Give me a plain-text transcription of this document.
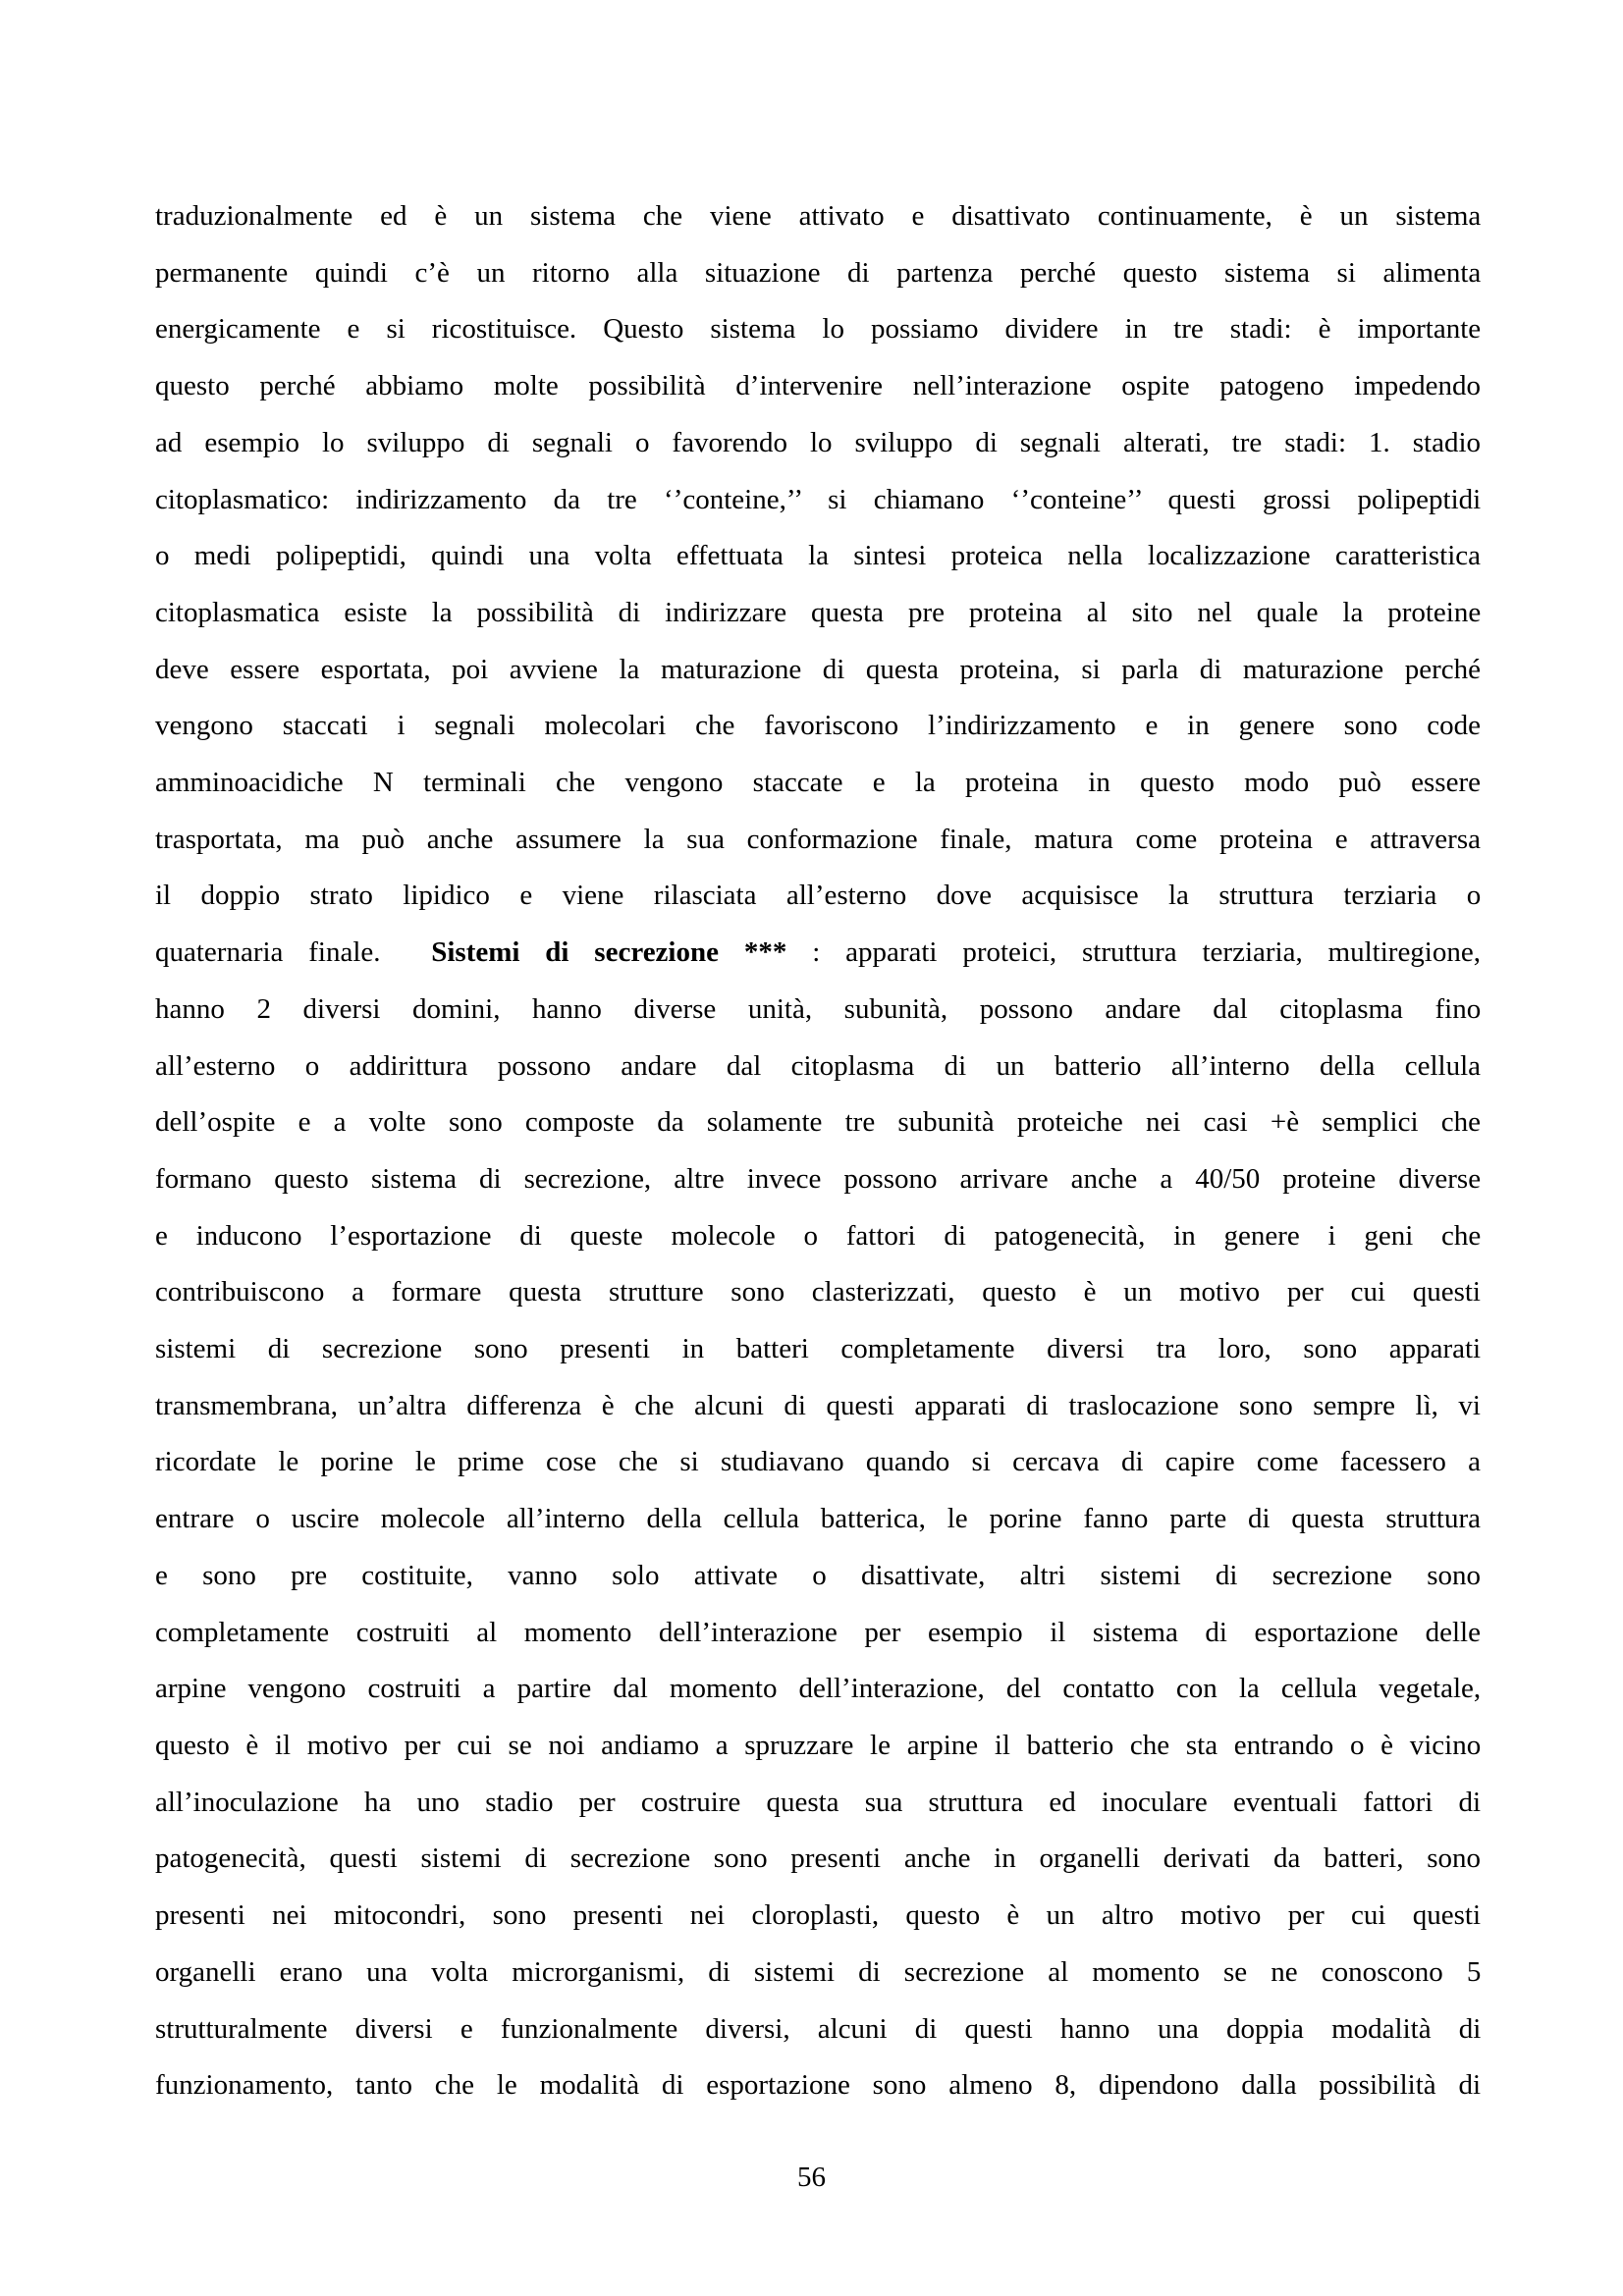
traduzionalmente ed è un sistema che viene attivato e disattivato continuamente, è un sistema
permanente quindi c’è un ritorno alla situazione di partenza perché questo sistema si alimenta
energicamente e si ricostituisce. Questo sistema lo possiamo dividere in tre stadi: è importante
questo perché abbiamo molte possibilità d’intervenire nell’interazione ospite patogeno impedendo
ad esempio lo sviluppo di segnali o favorendo lo sviluppo di segnali alterati, tre stadi: 1. stadio
citoplasmatico: indirizzamento da tre ‘’conteine,’’ si chiamano ‘’conteine’’ questi grossi polipeptidi
o medi polipeptidi, quindi una volta effettuata la sintesi proteica nella localizzazione caratteristica
citoplasmatica esiste la possibilità di indirizzare questa pre proteina al sito nel quale la proteine
deve essere esportata, poi avviene la maturazione di questa proteina, si parla di maturazione perché
vengono staccati i segnali molecolari che favoriscono l’indirizzamento e in genere sono code
amminoacidiche N terminali che vengono staccate e la proteina in questo modo può essere
trasportata, ma può anche assumere la sua conformazione finale, matura come proteina e attraversa
il doppio strato lipidico e viene rilasciata all’esterno dove acquisisce la struttura terziaria o
quaternaria finale.  Sistemi di secrezione *** : apparati proteici, struttura terziaria, multiregione,
hanno 2 diversi domini, hanno diverse unità, subunità, possono andare dal citoplasma fino
all’esterno o addirittura possono andare dal citoplasma di un batterio all’interno della cellula
dell’ospite e a volte sono composte da solamente tre subunità proteiche nei casi +è semplici che
formano questo sistema di secrezione, altre invece possono arrivare anche a 40/50 proteine diverse
e inducono l’esportazione di queste molecole o fattori di patogenecità, in genere i geni che
contribuiscono a formare questa strutture sono clasterizzati, questo è un motivo per cui questi
sistemi di secrezione sono presenti in batteri completamente diversi tra loro, sono apparati
transmembrana, un’altra differenza è che alcuni di questi apparati di traslocazione sono sempre lì, vi
ricordate le porine le prime cose che si studiavano quando si cercava di capire come facessero a
entrare o uscire molecole all’interno della cellula batterica, le porine fanno parte di questa struttura
e sono pre costituite, vanno solo attivate o disattivate, altri sistemi di secrezione sono
completamente costruiti al momento dell’interazione per esempio il sistema di esportazione delle
arpine vengono costruiti a partire dal momento dell’interazione, del contatto con la cellula vegetale,
questo è il motivo per cui se noi andiamo a spruzzare le arpine il batterio che sta entrando o è vicino
all’inoculazione ha uno stadio per costruire questa sua struttura ed inoculare eventuali fattori di
patogenecità, questi sistemi di secrezione sono presenti anche in organelli derivati da batteri, sono
presenti nei mitocondri, sono presenti nei cloroplasti, questo è un altro motivo per cui questi
organelli erano una volta microrganismi, di sistemi di secrezione al momento se ne conoscono 5
strutturalmente diversi e funzionalmente diversi, alcuni di questi hanno una doppia modalità di
funzionamento, tanto che le modalità di esportazione sono almeno 8, dipendono dalla possibilità di
56
